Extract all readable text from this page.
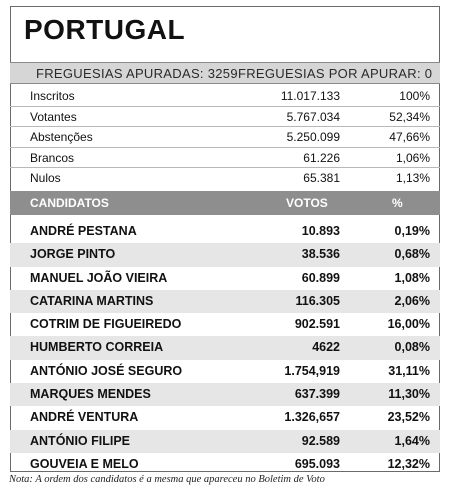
PORTUGAL
FREGUESIAS APURADAS: 3259 FREGUESIAS POR APURAR: 0
Inscritos	11.017.133	100%
Votantes	5.767.034	52,34%
Abstenções	5.250.099	47,66%
Brancos	61.226	1,06%
Nulos	65.381	1,13%
CANDIDATOS	VOTOS	%
ANDRÉ PESTANA	10.893	0,19%
JORGE PINTO	38.536	0,68%
MANUEL JOÃO VIEIRA	60.899	1,08%
CATARINA MARTINS	116.305	2,06%
COTRIM DE FIGUEIREDO	902.591	16,00%
HUMBERTO CORREIA	4622	0,08%
ANTÓNIO JOSÉ SEGURO	1.754,919	31,11%
MARQUES MENDES	637.399	11,30%
ANDRÉ VENTURA	1.326,657	23,52%
ANTÓNIO FILIPE	92.589	1,64%
GOUVEIA E MELO	695.093	12,32%
Nota: A ordem dos candidatos é a mesma que apareceu no Boletim de Voto
